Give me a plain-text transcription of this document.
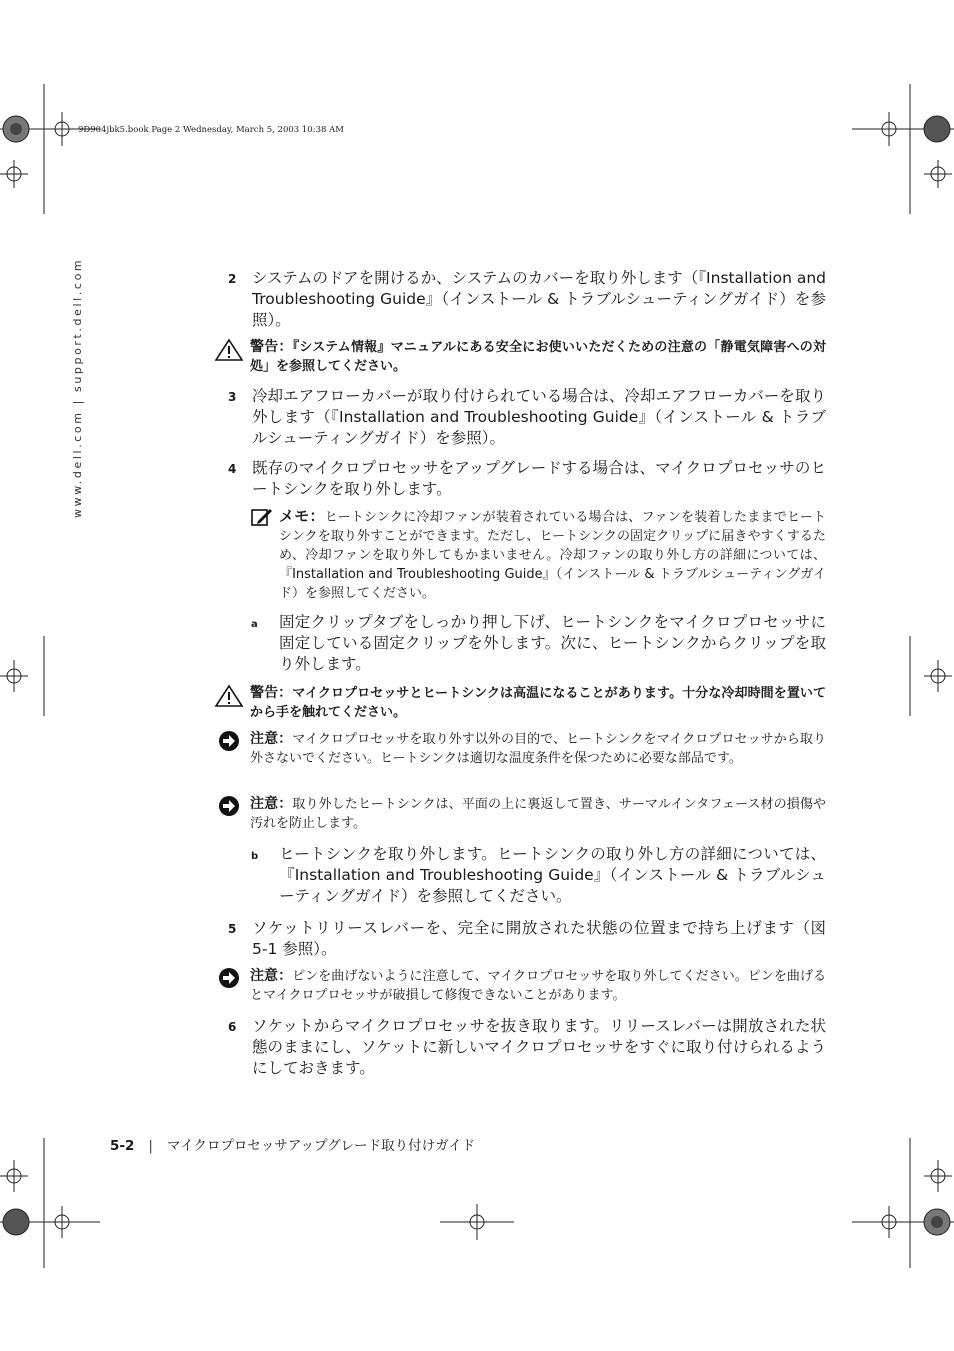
9D904jbk5.book Page 2 Wednesday, March 5, 2003 10:38 AM
www.dell.com | support.dell.com	2 システムのドアを開けるか、システムのカバーを取り外します（『Installation and Troubleshooting Guide』（インストール & トラブルシューティングガイド）を参照）。
警告：『システム情報』マニュアルにある安全にお使いいただくための注意の「静電気障害への対処」を参照してください。
3 冷却エアフローカバーが取り付けられている場合は、冷却エアフローカバーを取り外します（『Installation and Troubleshooting Guide』（インストール & トラブルシューティングガイド）を参照）。
4 既存のマイクロプロセッサをアップグレードする場合は、マイクロプロセッサのヒートシンクを取り外します。
メモ：ヒートシンクに冷却ファンが装着されている場合は、ファンを装着したままでヒートシンクを取り外すことができます。ただし、ヒートシンクの固定クリップに届きやすくするため、冷却ファンを取り外してもかまいません。冷却ファンの取り外し方の詳細については、『Installation and Troubleshooting Guide』（インストール & トラブルシューティングガイド）を参照してください。
a 固定クリップタブをしっかり押し下げ、ヒートシンクをマイクロプロセッサに固定している固定クリップを外します。次に、ヒートシンクからクリップを取り外します。
警告：マイクロプロセッサとヒートシンクは高温になることがあります。十分な冷却時間を置いてから手を触れてください。
注意：マイクロプロセッサを取り外す以外の目的で、ヒートシンクをマイクロプロセッサから取り外さないでください。ヒートシンクは適切な温度条件を保つために必要な部品です。
注意：取り外したヒートシンクは、平面の上に裏返して置き、サーマルインタフェース材の損傷や汚れを防止します。
b ヒートシンクを取り外します。ヒートシンクの取り外し方の詳細については、『Installation and Troubleshooting Guide』（インストール & トラブルシューティングガイド）を参照してください。
5 ソケットリリースレバーを、完全に開放された状態の位置まで持ち上げます（図 5-1 参照）。
注意：ピンを曲げないように注意して、マイクロプロセッサを取り外してください。ピンを曲げるとマイクロプロセッサが破損して修復できないことがあります。
6 ソケットからマイクロプロセッサを抜き取ります。リリースレバーは開放された状態のままにし、ソケットに新しいマイクロプロセッサをすぐに取り付けられるようにしておきます。
5-2 | マイクロプロセッサアップグレード取り付けガイド
